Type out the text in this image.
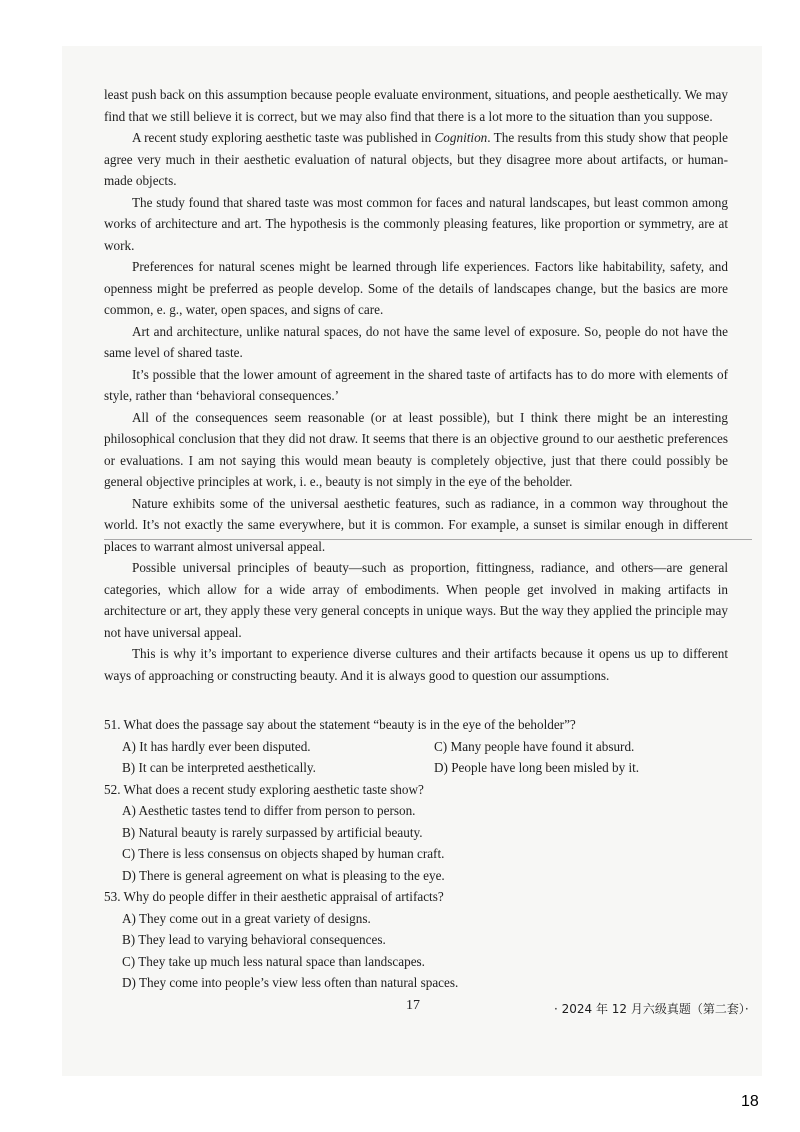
least push back on this assumption because people evaluate environment, situations, and people aesthetically. We may find that we still believe it is correct, but we may also find that there is a lot more to the situation than you suppose.

A recent study exploring aesthetic taste was published in Cognition. The results from this study show that people agree very much in their aesthetic evaluation of natural objects, but they disagree more about artifacts, or human-made objects.

The study found that shared taste was most common for faces and natural landscapes, but least common among works of architecture and art. The hypothesis is the commonly pleasing features, like proportion or symmetry, are at work.

Preferences for natural scenes might be learned through life experiences. Factors like habitability, safety, and openness might be preferred as people develop. Some of the details of landscapes change, but the basics are more common, e. g., water, open spaces, and signs of care.

Art and architecture, unlike natural spaces, do not have the same level of exposure. So, people do not have the same level of shared taste.

It’s possible that the lower amount of agreement in the shared taste of artifacts has to do more with elements of style, rather than ‘behavioral consequences.’

All of the consequences seem reasonable (or at least possible), but I think there might be an interesting philosophical conclusion that they did not draw. It seems that there is an objective ground to our aesthetic preferences or evaluations. I am not saying this would mean beauty is completely objective, just that there could possibly be general objective principles at work, i. e., beauty is not simply in the eye of the beholder.

Nature exhibits some of the universal aesthetic features, such as radiance, in a common way throughout the world. It’s not exactly the same everywhere, but it is common. For example, a sunset is similar enough in different places to warrant almost universal appeal.

Possible universal principles of beauty—such as proportion, fittingness, radiance, and others—are general categories, which allow for a wide array of embodiments. When people get involved in making artifacts in architecture or art, they apply these very general concepts in unique ways. But the way they applied the principle may not have universal appeal.

This is why it’s important to experience diverse cultures and their artifacts because it opens us up to different ways of approaching or constructing beauty. And it is always good to question our assumptions.

51. What does the passage say about the statement “beauty is in the eye of the beholder”?

A) It has hardly ever been disputed.	C) Many people have found it absurd.
B) It can be interpreted aesthetically.	D) People have long been misled by it.

52. What does a recent study exploring aesthetic taste show?

A) Aesthetic tastes tend to differ from person to person.

B) Natural beauty is rarely surpassed by artificial beauty.

C) There is less consensus on objects shaped by human craft.

D) There is general agreement on what is pleasing to the eye.

53. Why do people differ in their aesthetic appraisal of artifacts?

A) They come out in a great variety of designs.

B) They lead to varying behavioral consequences.

C) They take up much less natural space than landscapes.

D) They come into people’s view less often than natural spaces.

17	· 2024 年 12 月六级真题（第二套）·
18
